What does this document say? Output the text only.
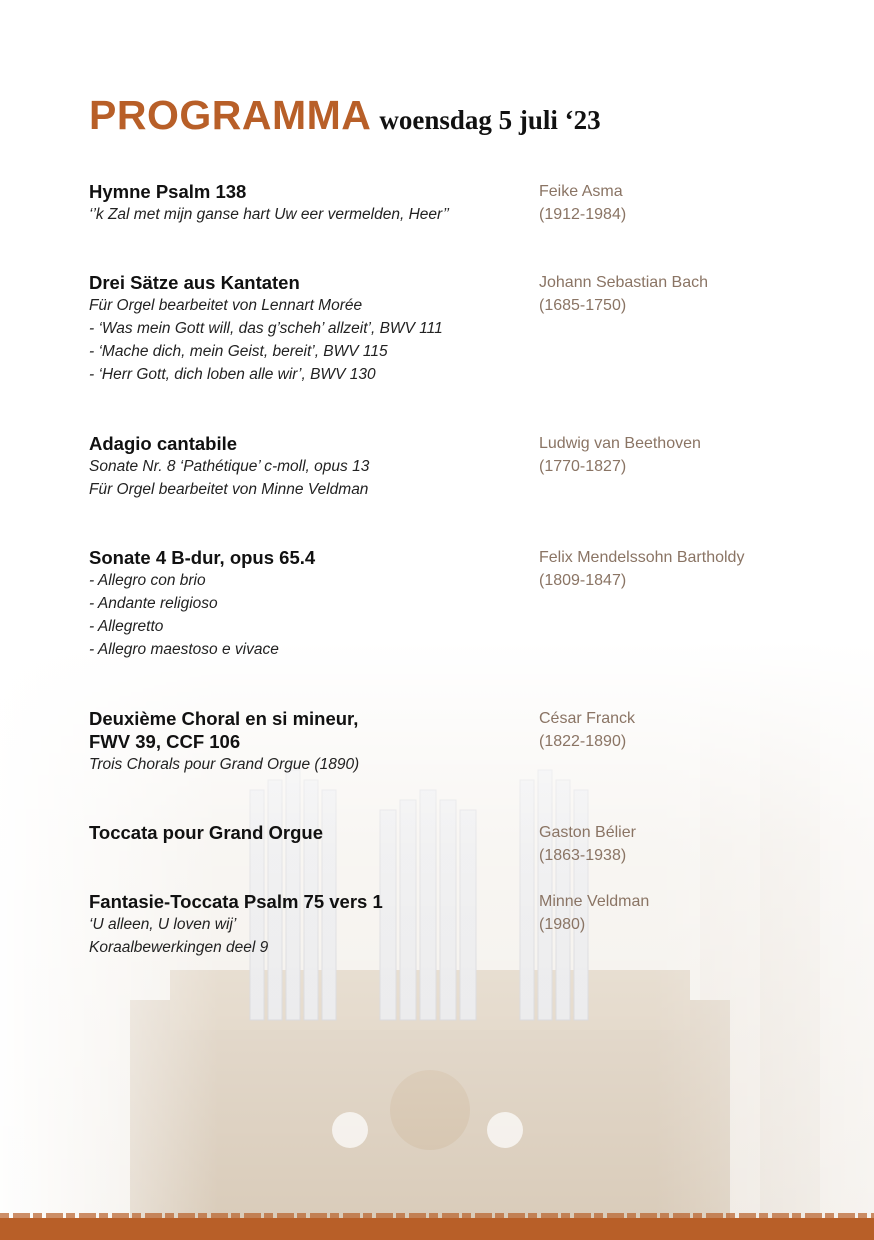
PROGRAMMA woensdag 5 juli ‘23
Hymne Psalm 138
‘’k Zal met mijn ganse hart Uw eer vermelden, Heer’’
Feike Asma
(1912-1984)
Drei Sätze aus Kantaten
Für Orgel bearbeitet von Lennart Morée
- ‘Was mein Gott will, das g’scheh’ allzeit’, BWV 111
- ‘Mache dich, mein Geist, bereit’, BWV 115
- ‘Herr Gott, dich loben alle wir’, BWV 130
Johann Sebastian Bach
(1685-1750)
Adagio cantabile
Sonate Nr. 8 ‘Pathétique’ c-moll, opus 13
Für Orgel bearbeitet von Minne Veldman
Ludwig van Beethoven
(1770-1827)
Sonate 4 B-dur, opus 65.4
- Allegro con brio
- Andante religioso
- Allegretto
- Allegro maestoso e vivace
Felix Mendelssohn Bartholdy
(1809-1847)
Deuxième Choral en si mineur,
FWV 39, CCF 106
Trois Chorals pour Grand Orgue (1890)
César Franck
(1822-1890)
Toccata pour Grand Orgue	Gaston Bélier
(1863-1938)
Fantasie-Toccata Psalm 75 vers 1
‘U alleen, U loven wij’
Koraalbewerkingen deel 9
Minne Veldman
(1980)
